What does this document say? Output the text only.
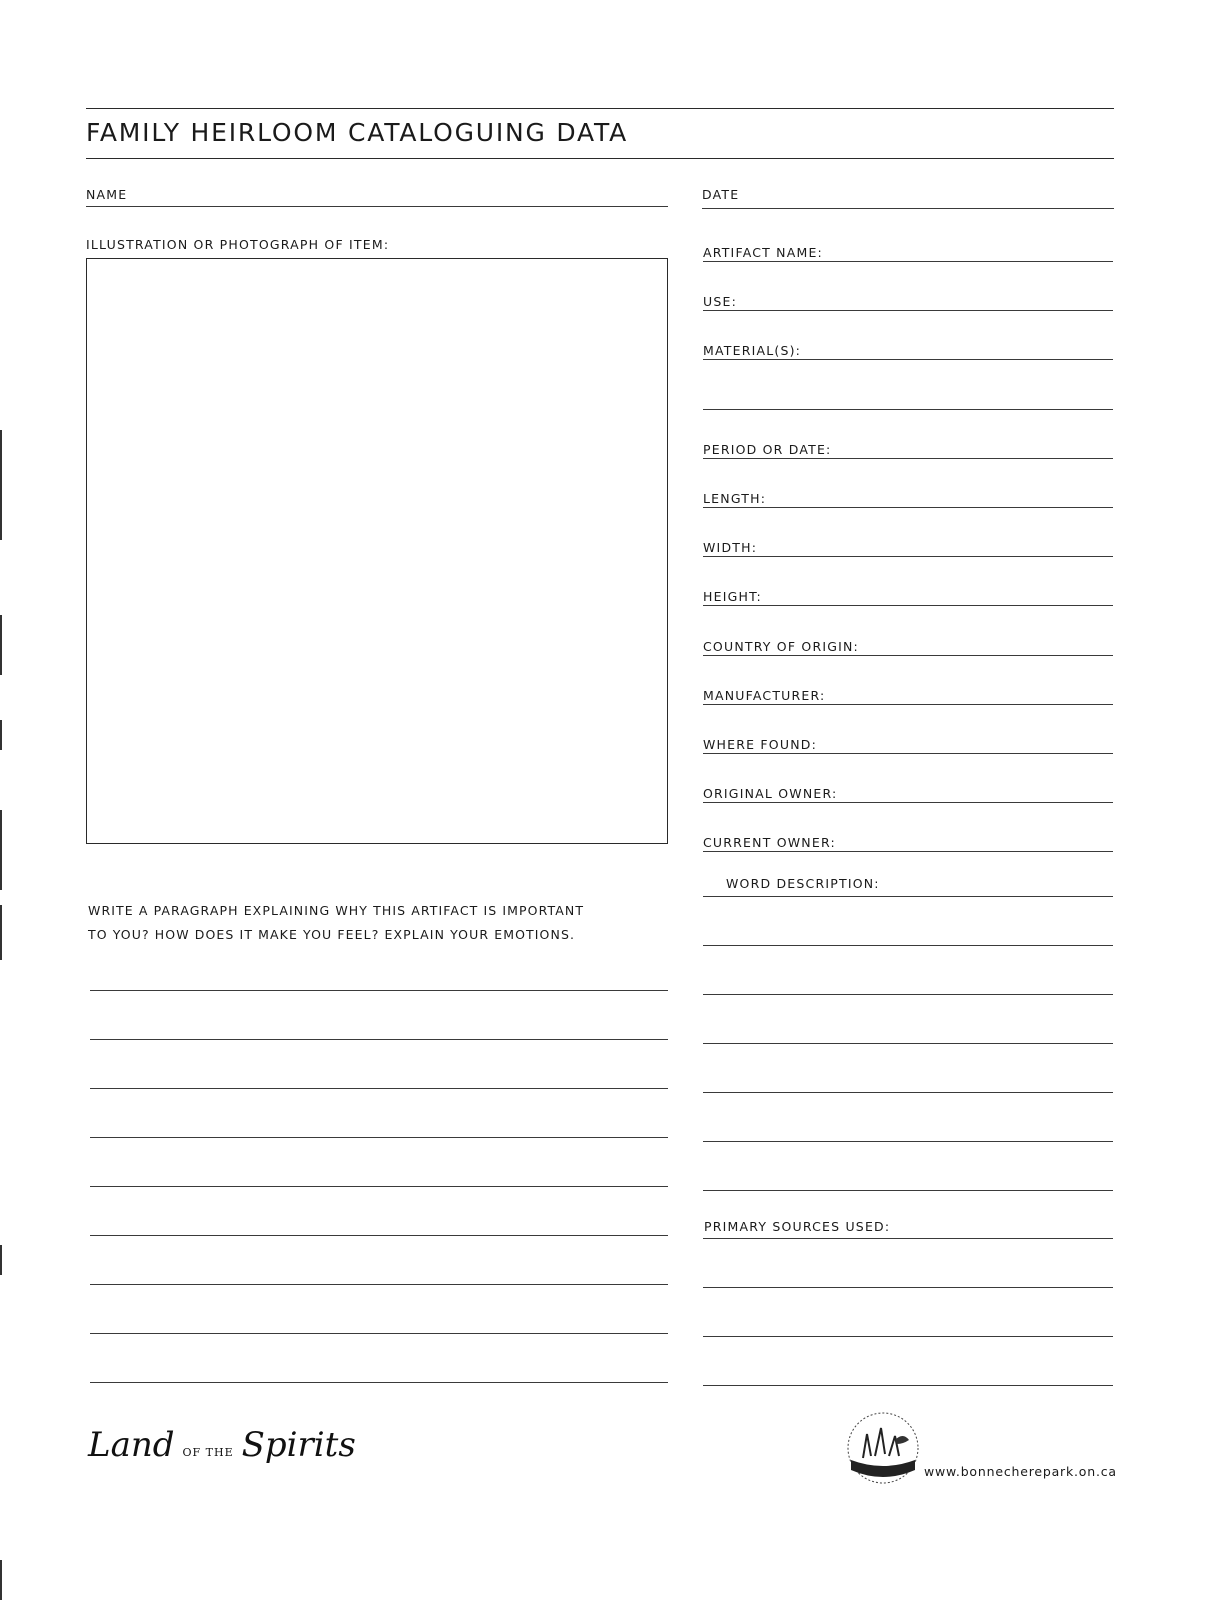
FAMILY HEIRLOOM CATALOGUING DATA
NAME	DATE
ILLUSTRATION OR PHOTOGRAPH OF ITEM:
ARTIFACT NAME:
USE:
MATERIAL(S):
PERIOD OR DATE:
LENGTH:
WIDTH:
HEIGHT:
COUNTRY OF ORIGIN:
MANUFACTURER:
WHERE FOUND:
ORIGINAL OWNER:
CURRENT OWNER:
WORD DESCRIPTION:
PRIMARY SOURCES USED:
WRITE A PARAGRAPH EXPLAINING WHY THIS ARTIFACT IS IMPORTANT
TO YOU? HOW DOES IT MAKE YOU FEEL? EXPLAIN YOUR EMOTIONS.
Land OF THE Spirits
www.bonnecherepark.on.ca
